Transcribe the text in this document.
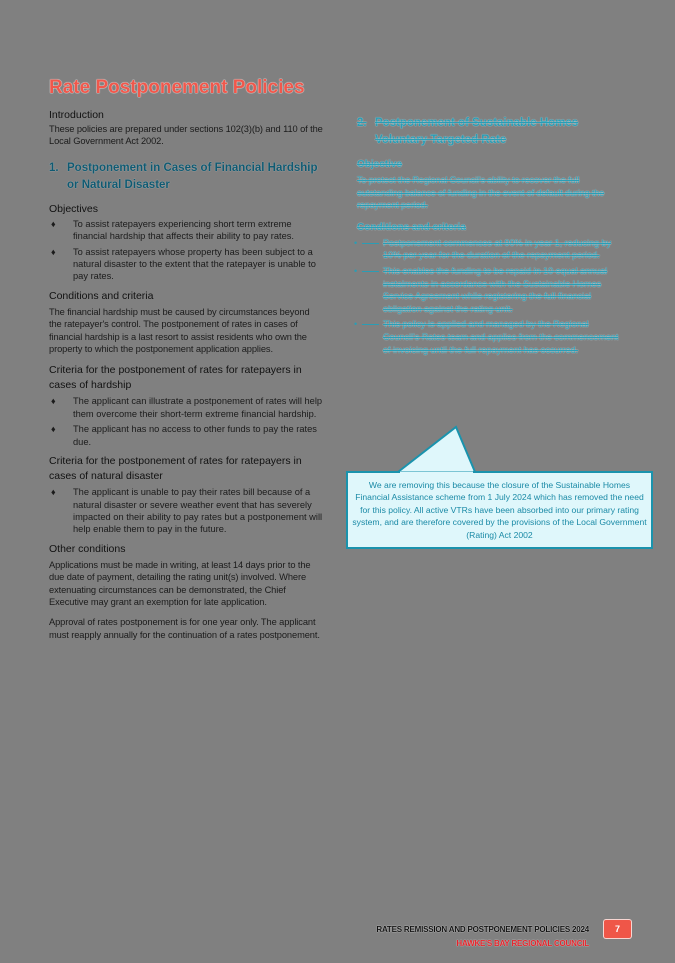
Rate Postponement Policies
Introduction

These policies are prepared under sections 102(3)(b) and 110 of the Local Government Act 2002.

1. Postponement in Cases of Financial Hardship or Natural Disaster
Objectives
♦ To assist ratepayers experiencing short term extreme financial hardship that affects their ability to pay rates.
♦ To assist ratepayers whose property has been subject to a natural disaster to the extent that the ratepayer is unable to pay rates.
Conditions and criteria

The financial hardship must be caused by circumstances beyond the ratepayer's control. The postponement of rates in cases of financial hardship is a last resort to assist residents who own the property to which the postponement application applies.

Criteria for the postponement of rates for ratepayers in cases of hardship
♦ The applicant can illustrate a postponement of rates will help them overcome their short-term extreme financial hardship.
♦ The applicant has no access to other funds to pay the rates due.
Criteria for the postponement of rates for ratepayers in cases of natural disaster
♦ The applicant is unable to pay their rates bill because of a natural disaster or severe weather event that has severely impacted on their ability to pay rates but a postponement will help enable them to pay in the future.
Other conditions

Applications must be made in writing, at least 14 days prior to the due date of payment, detailing the rating unit(s) involved. Where extenuating circumstances can be demonstrated, the Chief Executive may grant an exemption for late application.

Approval of rates postponement is for one year only. The applicant must reapply annually for the continuation of a rates postponement.

2. Postponement of Sustainable Homes Voluntary Targeted Rate
Objective

To protect the Regional Council's ability to recover the full outstanding balance of funding in the event of default during the repayment period.

Conditions and criteria
•	Postponement commences at 90% in year 1, reducing by 10% per year for the duration of the repayment period.
•	This enables the funding to be repaid in 10 equal annual instalments in accordance with the Sustainable Homes Service Agreement while registering the full financial obligation against the rating unit.
•	This policy is applied and managed by the Regional Council's Rates team and applies from the commencement of invoicing until the full repayment has occurred.
We are removing this because the closure of the Sustainable Homes Financial Assistance scheme from 1 July 2024 which has removed the need for this policy. All active VTRs have been absorbed into our primary rating system, and are therefore covered by the provisions of the Local Government (Rating) Act 2002
RATES REMISSION AND POSTPONEMENT POLICIES 2024
HAWKE'S BAY REGIONAL COUNCIL
7
